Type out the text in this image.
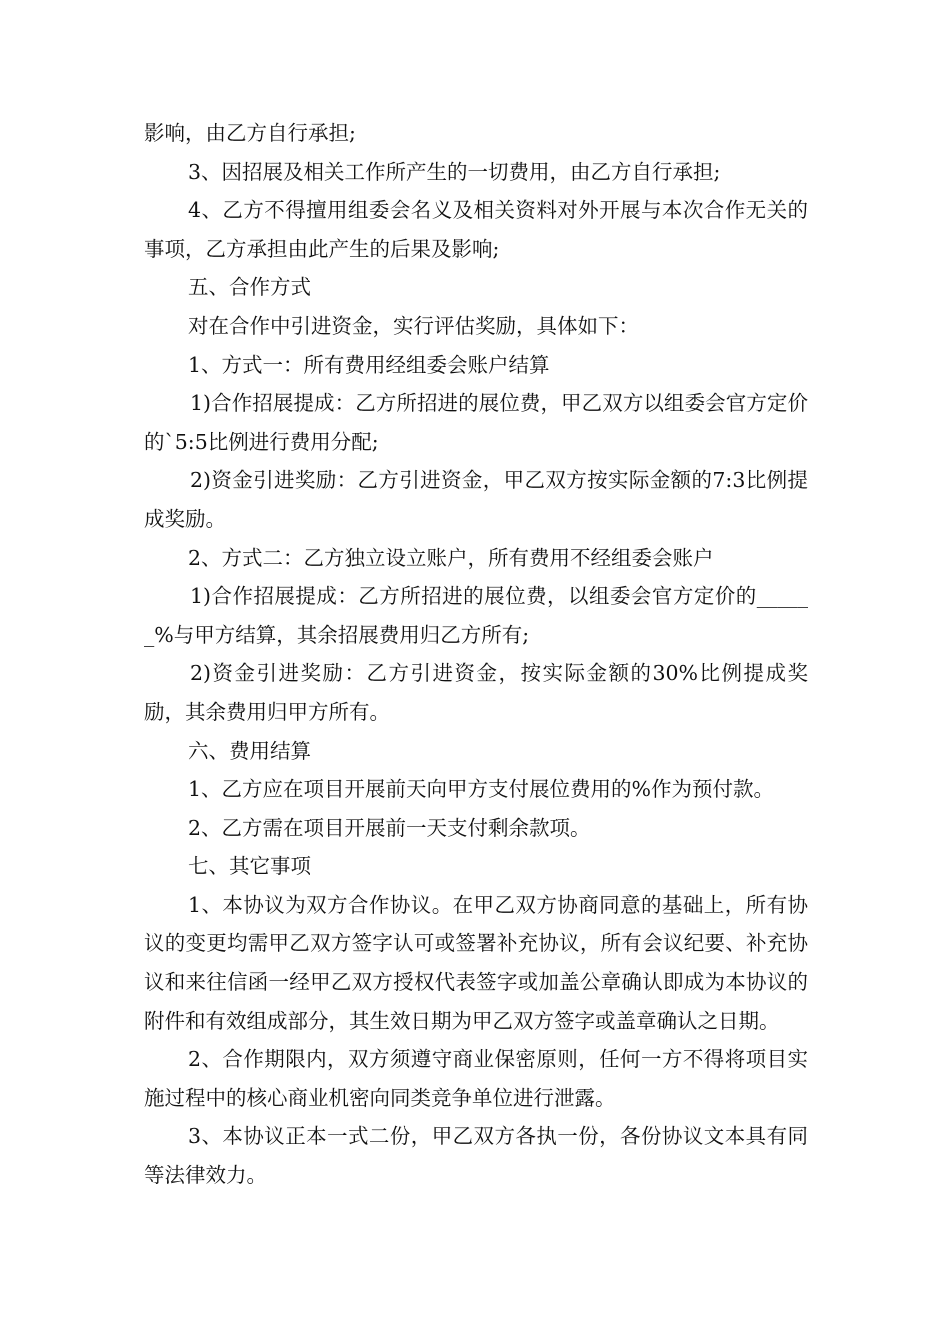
影响，由乙方自行承担;

3、因招展及相关工作所产生的一切费用，由乙方自行承担;

4、乙方不得擅用组委会名义及相关资料对外开展与本次合作无关的事项，乙方承担由此产生的后果及影响;

五、合作方式

对在合作中引进资金，实行评估奖励，具体如下：

1、方式一：所有费用经组委会账户结算

1)合作招展提成：乙方所招进的展位费，甲乙双方以组委会官方定价的`5:5比例进行费用分配;

2)资金引进奖励：乙方引进资金，甲乙双方按实际金额的7:3比例提成奖励。

2、方式二：乙方独立设立账户，所有费用不经组委会账户

1)合作招展提成：乙方所招进的展位费，以组委会官方定价的______%与甲方结算，其余招展费用归乙方所有;

2)资金引进奖励：乙方引进资金，按实际金额的30%比例提成奖励，其余费用归甲方所有。

六、费用结算

1、乙方应在项目开展前天向甲方支付展位费用的%作为预付款。

2、乙方需在项目开展前一天支付剩余款项。

七、其它事项

1、本协议为双方合作协议。在甲乙双方协商同意的基础上，所有协议的变更均需甲乙双方签字认可或签署补充协议，所有会议纪要、补充协议和来往信函一经甲乙双方授权代表签字或加盖公章确认即成为本协议的附件和有效组成部分，其生效日期为甲乙双方签字或盖章确认之日期。

2、合作期限内，双方须遵守商业保密原则，任何一方不得将项目实施过程中的核心商业机密向同类竞争单位进行泄露。

3、本协议正本一式二份，甲乙双方各执一份，各份协议文本具有同等法律效力。
